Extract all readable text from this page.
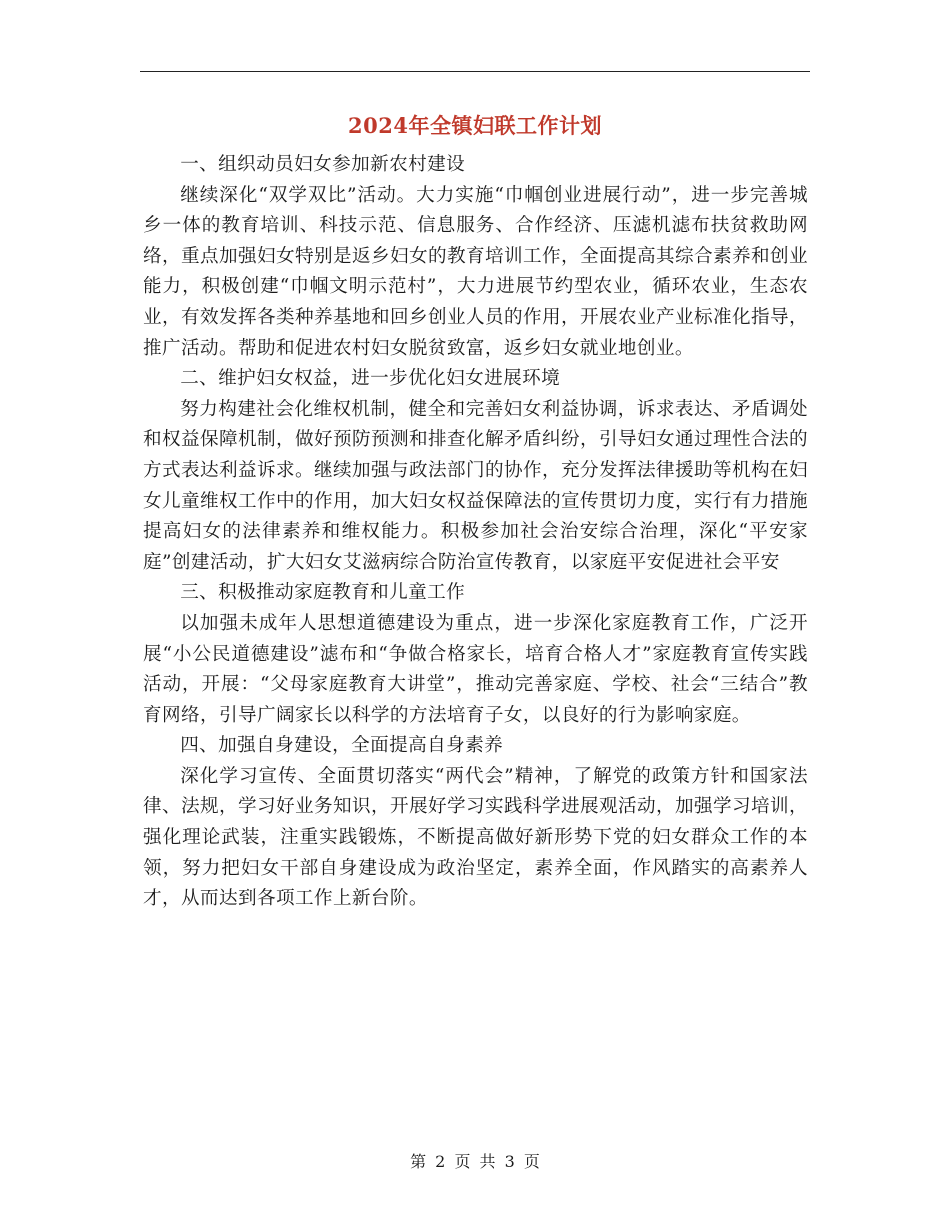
2024年全镇妇联工作计划

一、组织动员妇女参加新农村建设

继续深化“双学双比”活动。大力实施“巾帼创业进展行动”，进一步完善城乡一体的教育培训、科技示范、信息服务、合作经济、压滤机滤布扶贫救助网络，重点加强妇女特别是返乡妇女的教育培训工作，全面提高其综合素养和创业能力，积极创建“巾帼文明示范村”，大力进展节约型农业，循环农业，生态农业，有效发挥各类种养基地和回乡创业人员的作用，开展农业产业标准化指导，推广活动。帮助和促进农村妇女脱贫致富，返乡妇女就业地创业。

二、维护妇女权益，进一步优化妇女进展环境

努力构建社会化维权机制，健全和完善妇女利益协调，诉求表达、矛盾调处和权益保障机制，做好预防预测和排查化解矛盾纠纷，引导妇女通过理性合法的方式表达利益诉求。继续加强与政法部门的协作，充分发挥法律援助等机构在妇女儿童维权工作中的作用，加大妇女权益保障法的宣传贯切力度，实行有力措施提高妇女的法律素养和维权能力。积极参加社会治安综合治理，深化“平安家庭”创建活动，扩大妇女艾滋病综合防治宣传教育，以家庭平安促进社会平安

三、积极推动家庭教育和儿童工作

以加强未成年人思想道德建设为重点，进一步深化家庭教育工作，广泛开展“小公民道德建设”滤布和“争做合格家长，培育合格人才”家庭教育宣传实践活动，开展：“父母家庭教育大讲堂”，推动完善家庭、学校、社会“三结合”教育网络，引导广阔家长以科学的方法培育子女，以良好的行为影响家庭。

四、加强自身建设，全面提高自身素养

深化学习宣传、全面贯切落实“两代会”精神，了解党的政策方针和国家法律、法规，学习好业务知识，开展好学习实践科学进展观活动，加强学习培训，强化理论武装，注重实践锻炼，不断提高做好新形势下党的妇女群众工作的本领，努力把妇女干部自身建设成为政治坚定，素养全面，作风踏实的高素养人才，从而达到各项工作上新台阶。

第 2 页 共 3 页
